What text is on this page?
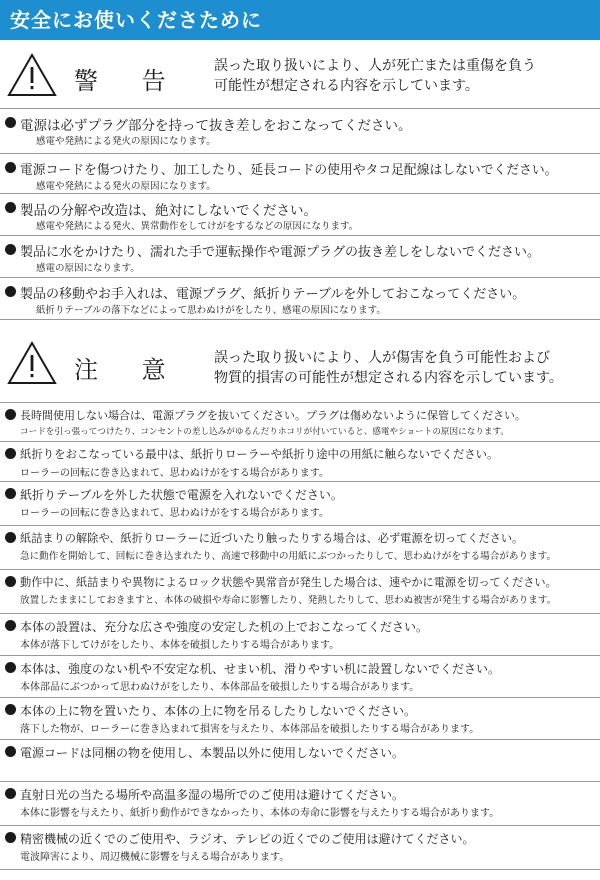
安全にお使いくださために
警 告
誤った取り扱いにより、人が死亡または重傷を負う
可能性が想定される内容を示しています。
電源は必ずプラグ部分を持って抜き差しをおこなってください。
感電や発熱による発火の原因になります。
電源コードを傷つけたり、加工したり、延長コードの使用やタコ足配線はしないでください。
感電や発熱による発火の原因になります。
製品の分解や改造は、絶対にしないでください。
感電や発熱による発火、異常動作をしてけがをするなどの原因になります。
製品に水をかけたり、濡れた手で運転操作や電源プラグの抜き差しをしないでください。
感電の原因になります。
製品の移動やお手入れは、電源プラグ、紙折りテーブルを外しておこなってください。
紙折りテーブルの落下などによって思わぬけがをしたり、感電の原因になります。
注 意 誤った取り扱いにより、人が傷害を負う可能性および
物質的損害の可能性が想定される内容を示しています。
長時間使用しない場合は、電源プラグを抜いてください。プラグは傷めないように保管してください。
コードを引っ張ってつけたり、コンセントの差し込みがゆるんだりホコリが付いていると、感電やショートの原因になります。
紙折りをおこなっている最中は、紙折りローラーや紙折り途中の用紙に触らないでください。
ローラーの回転に巻き込まれて、思わぬけがをする場合があります。
紙折りテーブルを外した状態で電源を入れないでください。
ローラーの回転に巻き込まれて、思わぬけがをする場合があります。
紙詰まりの解除や、紙折りローラーに近づいたり触ったりする場合は、必ず電源を切ってください。
急に動作を開始して、回転に巻き込まれたり、高速で移動中の用紙にぶつかったりして、思わぬけがをする場合があります。
動作中に、紙詰まりや異物によるロック状態や異常音が発生した場合は、速やかに電源を切ってください。
放置したままにしておきますと、本体の破損や寿命に影響したり、発熱したりして、思わぬ被害が発生する場合があります。
本体の設置は、充分な広さや強度の安定した机の上でおこなってください。
本体が落下してけがをしたり、本体を破損したりする場合があります。
本体は、強度のない机や不安定な机、せまい机、滑りやすい机に設置しないでください。
本体部品にぶつかって思わぬけがをしたり、本体部品を破損したりする場合があります。
本体の上に物を置いたり、本体の上に物を吊るしたりしないでください。
落下した物が、ローラーに巻き込まれて損害を与えたり、本体部品を破損したりする場合があります。
電源コードは同梱の物を使用し、本製品以外に使用しないでください。
直射日光の当たる場所や高温多湿の場所でのご使用は避けてください。
本体に影響を与えたり、紙折り動作ができなかったり、本体の寿命に影響を与えたりする場合があります。
精密機械の近くでのご使用や、ラジオ、テレビの近くでのご使用は避けてください。
電波障害により、周辺機械に影響を与える場合があります。
